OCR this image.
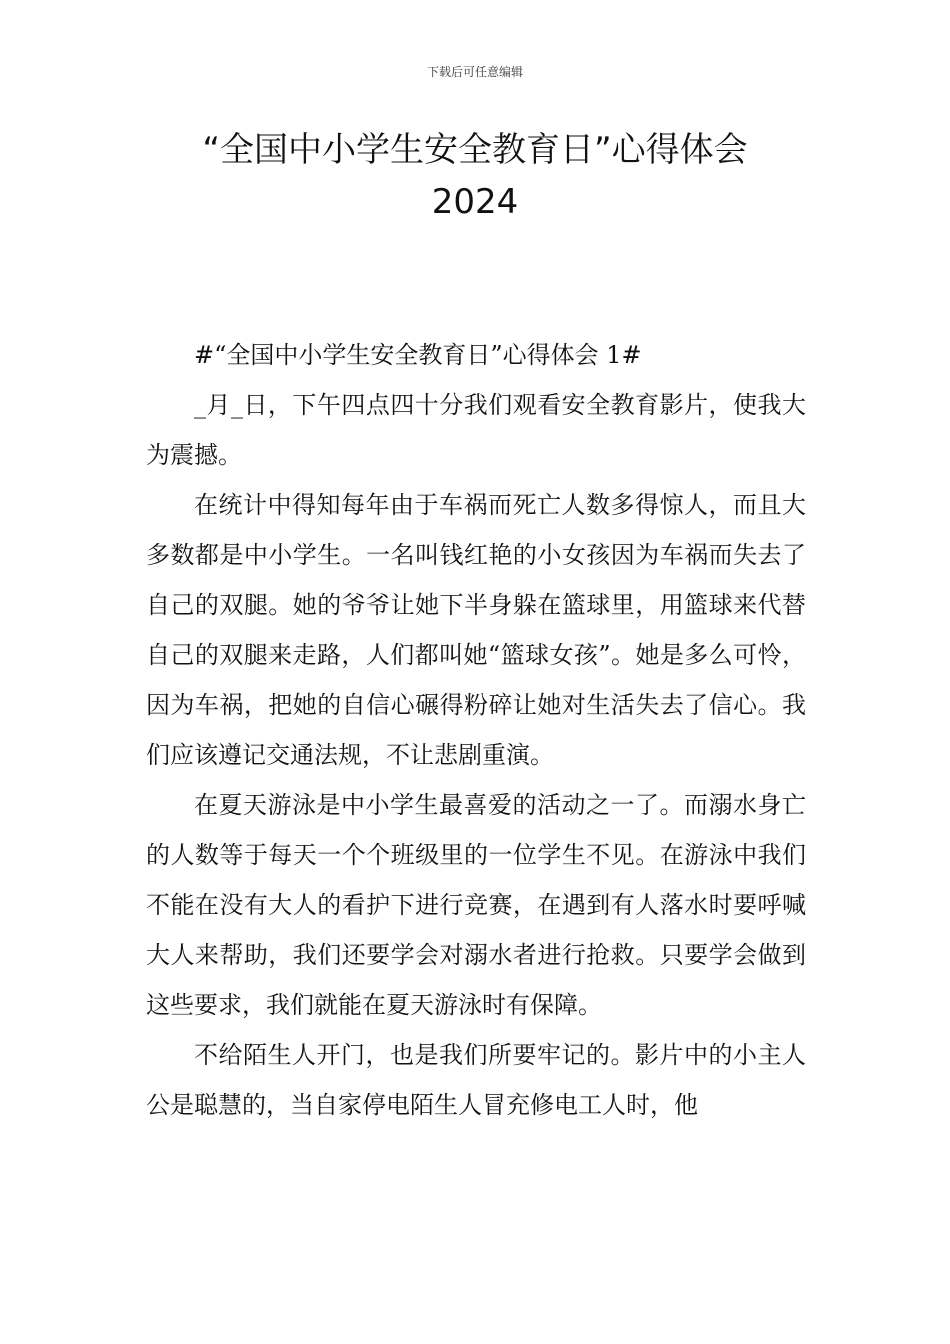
下载后可任意编辑
“全国中小学生安全教育日”心得体会
2024

#“全国中小学生安全教育日”心得体会 1#

_月_日，下午四点四十分我们观看安全教育影片，使我大为震撼。

在统计中得知每年由于车祸而死亡人数多得惊人，而且大多数都是中小学生。一名叫钱红艳的小女孩因为车祸而失去了自己的双腿。她的爷爷让她下半身躲在篮球里，用篮球来代替自己的双腿来走路，人们都叫她“篮球女孩”。她是多么可怜，因为车祸，把她的自信心碾得粉碎让她对生活失去了信心。我们应该遵记交通法规，不让悲剧重演。

在夏天游泳是中小学生最喜爱的活动之一了。而溺水身亡的人数等于每天一个个班级里的一位学生不见。在游泳中我们不能在没有大人的看护下进行竞赛，在遇到有人落水时要呼喊大人来帮助，我们还要学会对溺水者进行抢救。只要学会做到这些要求，我们就能在夏天游泳时有保障。

不给陌生人开门，也是我们所要牢记的。影片中的小主人公是聪慧的，当自家停电陌生人冒充修电工人时，他
